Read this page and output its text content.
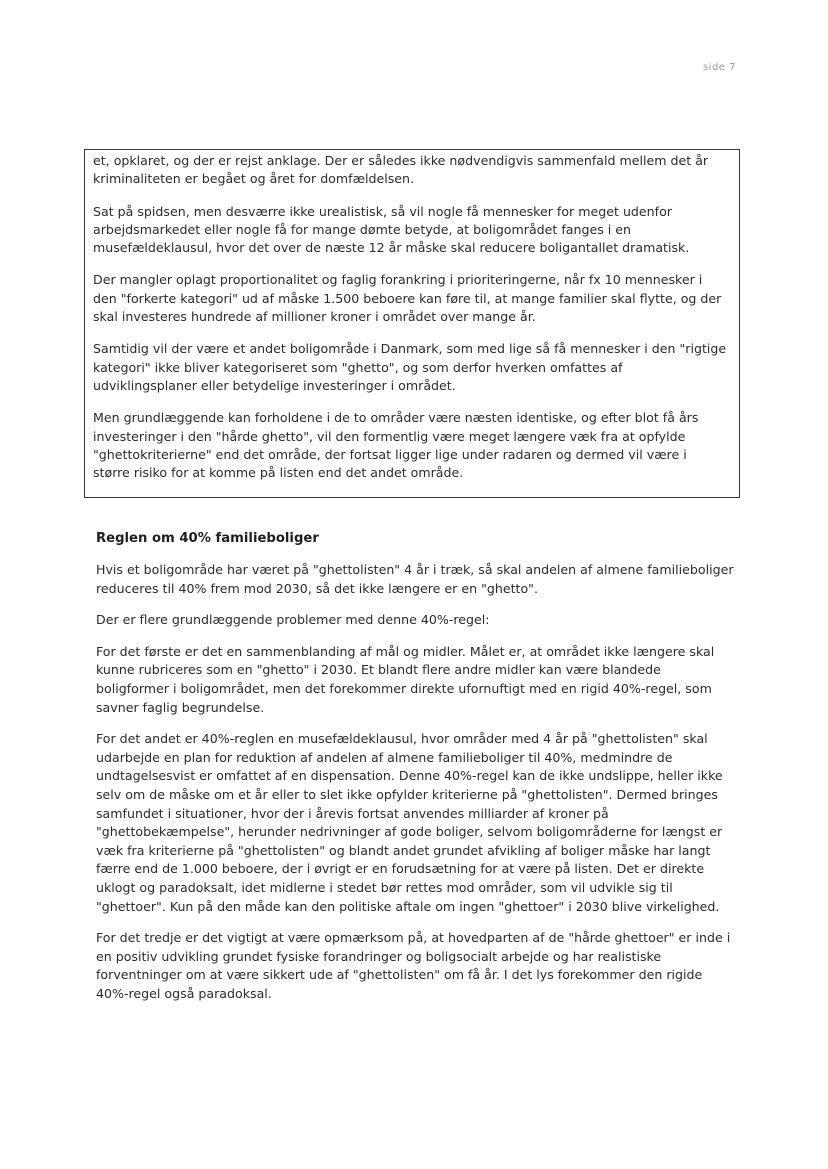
side 7

et, opklaret, og der er rejst anklage. Der er således ikke nødvendigvis sammenfald mellem det år kriminaliteten er begået og året for domfældelsen.

Sat på spidsen, men desværre ikke urealistisk, så vil nogle få mennesker for meget udenfor arbejdsmarkedet eller nogle få for mange dømte betyde, at boligområdet fanges i en musefældeklausul, hvor det over de næste 12 år måske skal reducere boligantallet dramatisk.

Der mangler oplagt proportionalitet og faglig forankring i prioriteringerne, når fx 10 mennesker i den "forkerte kategori" ud af måske 1.500 beboere kan føre til, at mange familier skal flytte, og der skal investeres hundrede af millioner kroner i området over mange år.

Samtidig vil der være et andet boligområde i Danmark, som med lige så få mennesker i den "rigtige kategori" ikke bliver kategoriseret som "ghetto", og som derfor hverken omfattes af udviklingsplaner eller betydelige investeringer i området.

Men grundlæggende kan forholdene i de to områder være næsten identiske, og efter blot få års investeringer i den "hårde ghetto", vil den formentlig være meget længere væk fra at opfylde "ghettokriterierne" end det område, der fortsat ligger lige under radaren og dermed vil være i større risiko for at komme på listen end det andet område.

Reglen om 40% familieboliger

Hvis et boligområde har været på "ghettolisten" 4 år i træk, så skal andelen af almene familieboliger reduceres til 40% frem mod 2030, så det ikke længere er en "ghetto".

Der er flere grundlæggende problemer med denne 40%-regel:

For det første er det en sammenblanding af mål og midler. Målet er, at området ikke længere skal kunne rubriceres som en "ghetto" i 2030. Et blandt flere andre midler kan være blandede boligformer i boligområdet, men det forekommer direkte ufornuftigt med en rigid 40%-regel, som savner faglig begrundelse.

For det andet er 40%-reglen en musefældeklausul, hvor områder med 4 år på "ghettolisten" skal udarbejde en plan for reduktion af andelen af almene familieboliger til 40%, medmindre de undtagelsesvist er omfattet af en dispensation. Denne 40%-regel kan de ikke undslippe, heller ikke selv om de måske om et år eller to slet ikke opfylder kriterierne på "ghettolisten". Dermed bringes samfundet i situationer, hvor der i årevis fortsat anvendes milliarder af kroner på "ghettobekæmpelse", herunder nedrivninger af gode boliger, selvom boligområderne for længst er væk fra kriterierne på "ghettolisten" og blandt andet grundet afvikling af boliger måske har langt færre end de 1.000 beboere, der i øvrigt er en forudsætning for at være på listen. Det er direkte uklogt og paradoksalt, idet midlerne i stedet bør rettes mod områder, som vil udvikle sig til "ghettoer". Kun på den måde kan den politiske aftale om ingen "ghettoer" i 2030 blive virkelighed.

For det tredje er det vigtigt at være opmærksom på, at hovedparten af de "hårde ghettoer" er inde i en positiv udvikling grundet fysiske forandringer og boligsocialt arbejde og har realistiske forventninger om at være sikkert ude af "ghettolisten" om få år. I det lys forekommer den rigide 40%-regel også paradoksal.
